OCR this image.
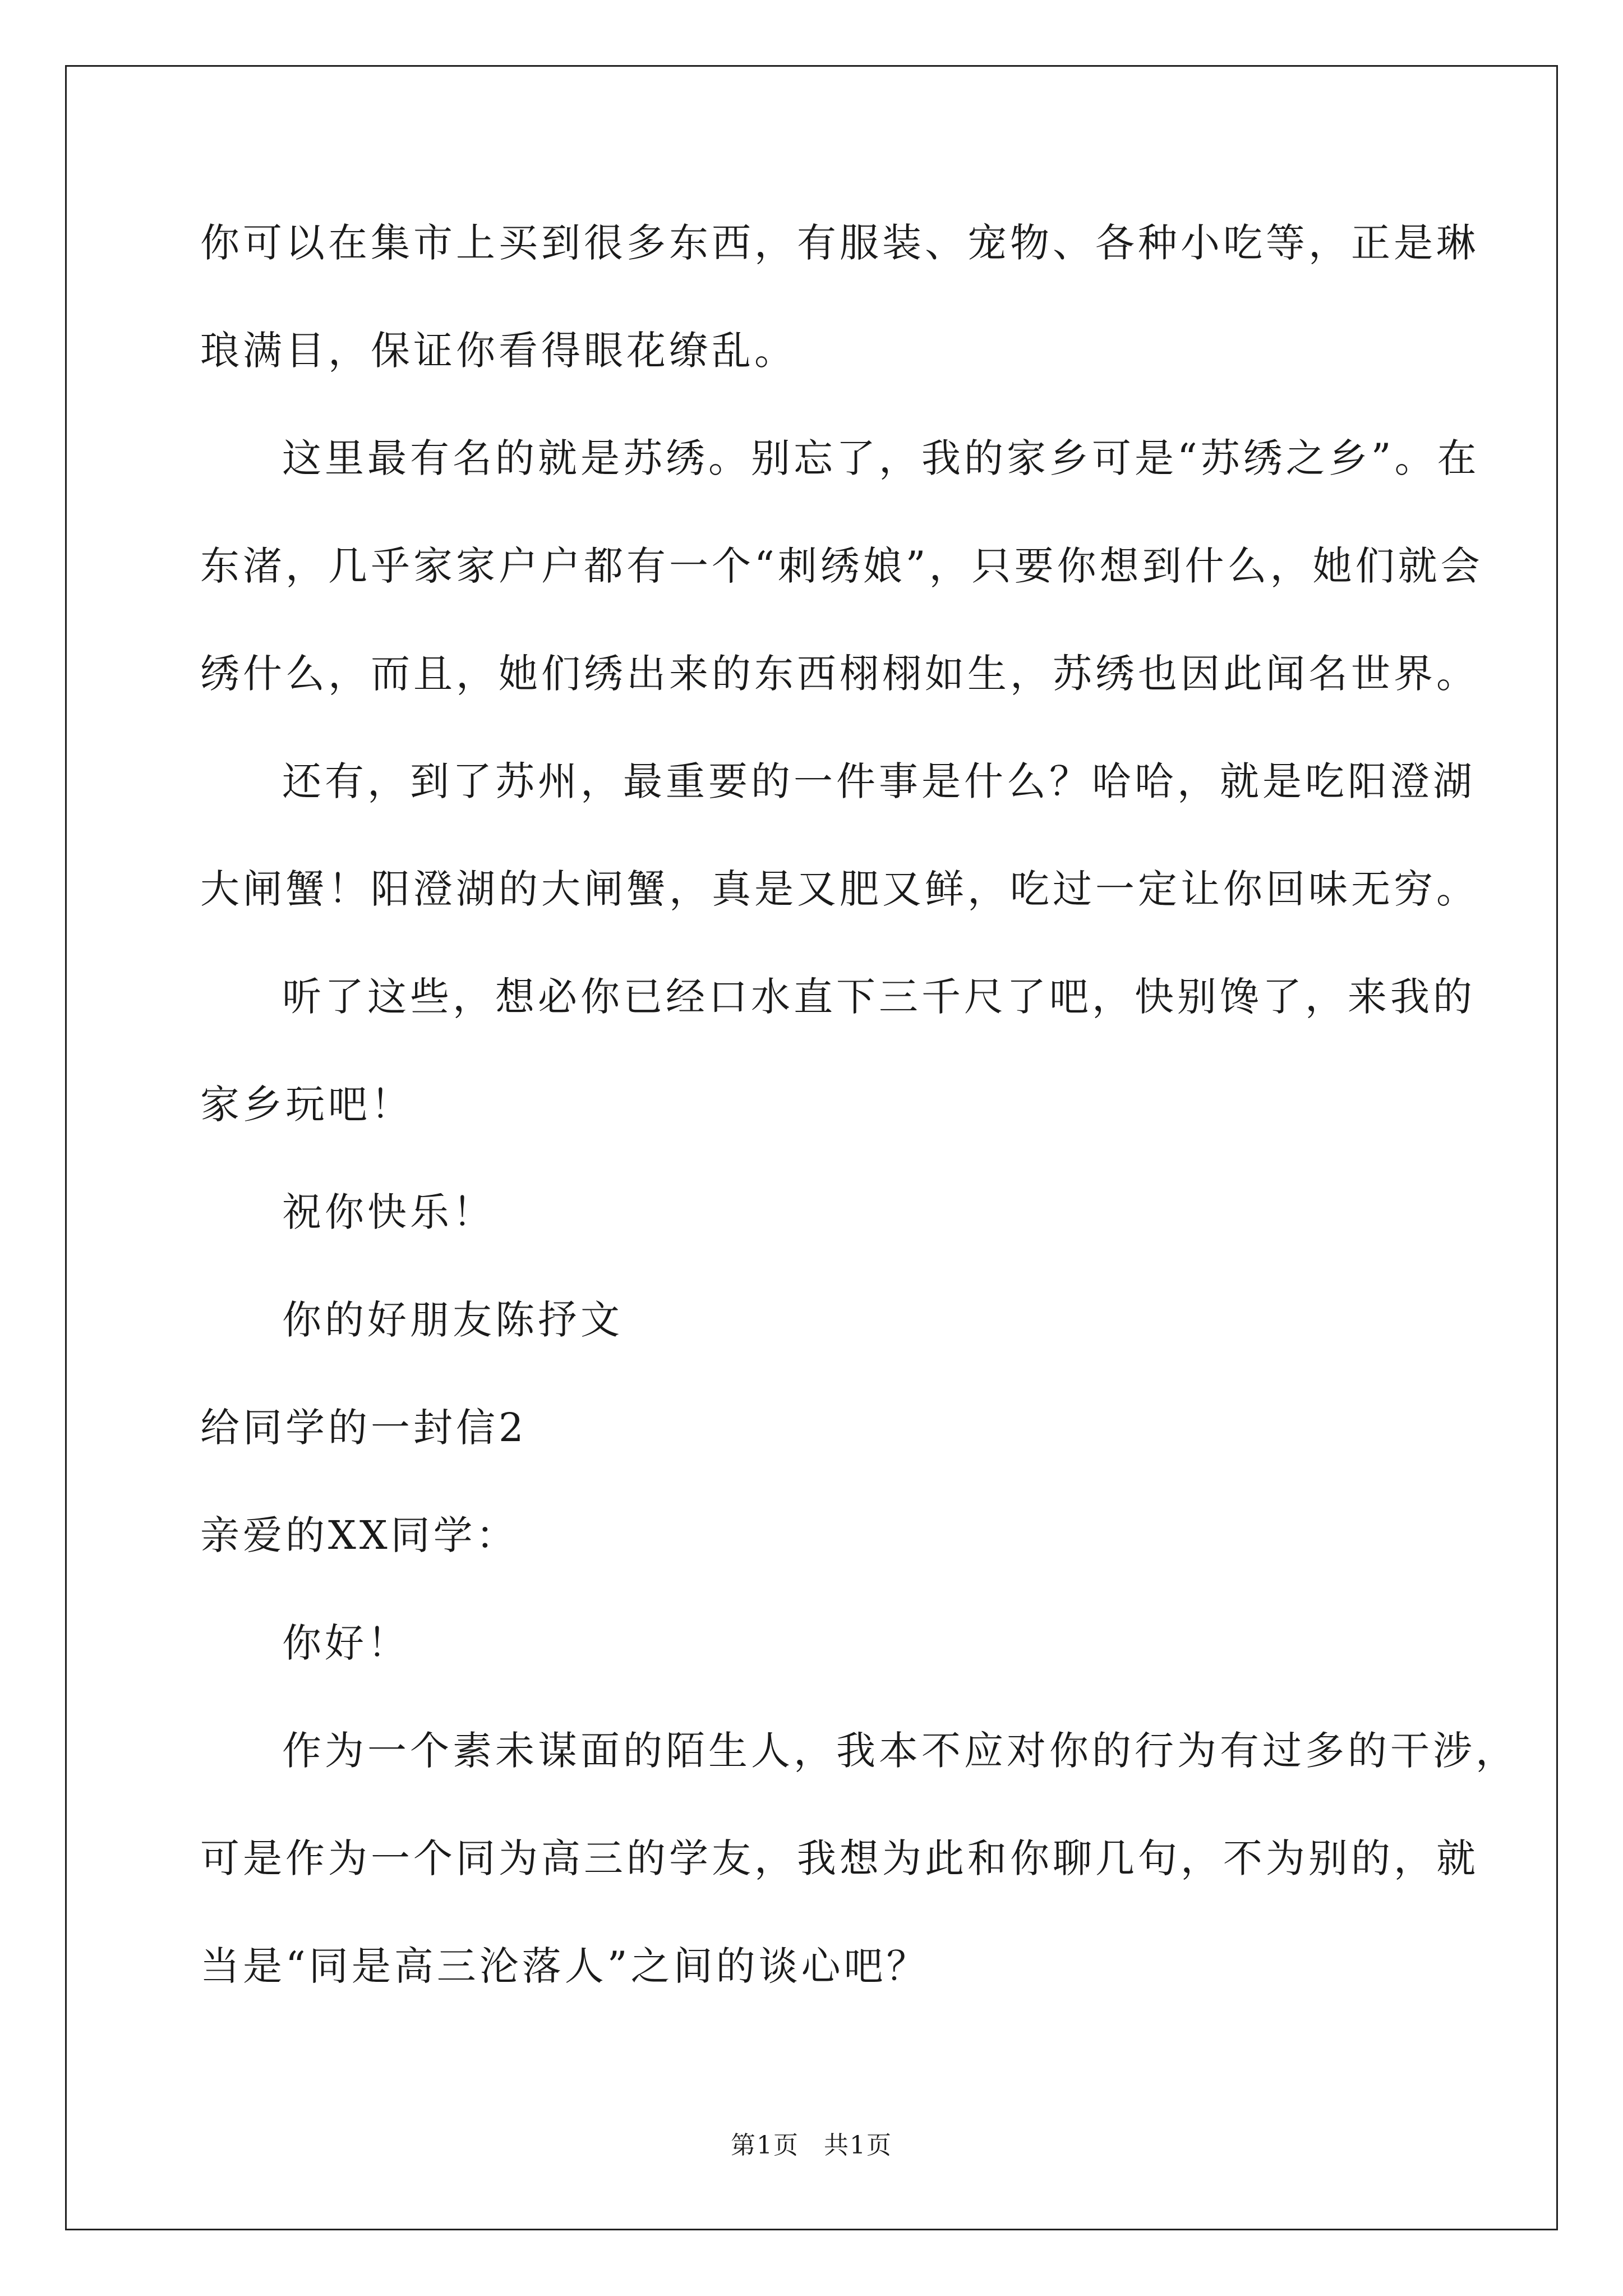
你可以在集市上买到很多东西，有服装、宠物、各种小吃等，正是琳

琅满目，保证你看得眼花缭乱。

这里最有名的就是苏绣。别忘了，我的家乡可是“苏绣之乡”。在

东渚，几乎家家户户都有一个“刺绣娘”，只要你想到什么，她们就会

绣什么，而且，她们绣出来的东西栩栩如生，苏绣也因此闻名世界。

还有，到了苏州，最重要的一件事是什么？哈哈，就是吃阳澄湖

大闸蟹！阳澄湖的大闸蟹，真是又肥又鲜，吃过一定让你回味无穷。

听了这些，想必你已经口水直下三千尺了吧，快别馋了，来我的

家乡玩吧！

祝你快乐！

你的好朋友陈抒文

给同学的一封信2

亲爱的XX同学：

你好！

作为一个素未谋面的陌生人，我本不应对你的行为有过多的干涉，

可是作为一个同为高三的学友，我想为此和你聊几句，不为别的，就

当是“同是高三沦落人”之间的谈心吧？

第1页 共1页
